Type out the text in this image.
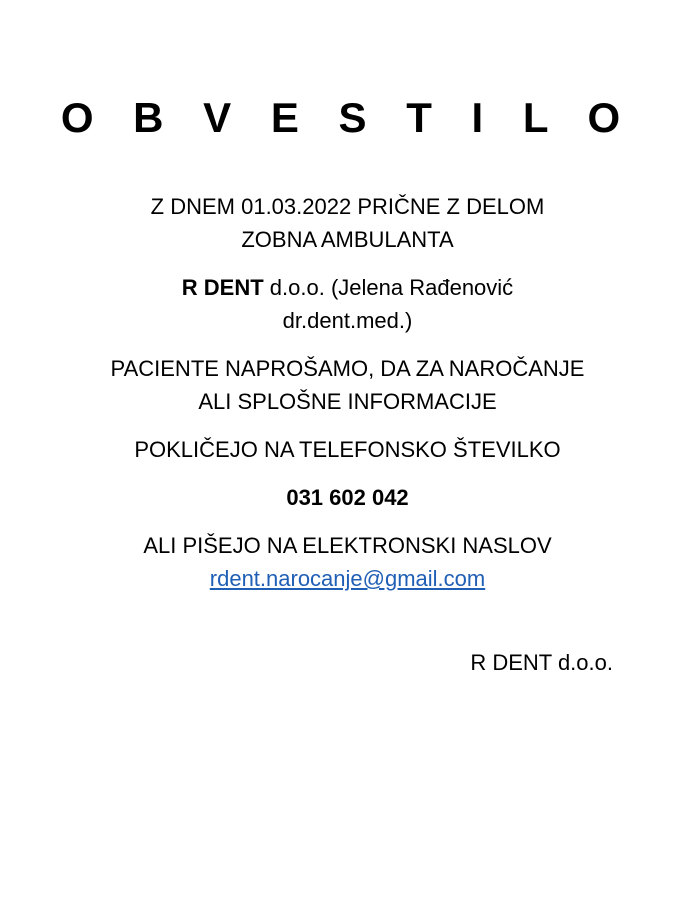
O B V E S T I L O

Z DNEM 01.03.2022 PRIČNE Z DELOM
ZOBNA AMBULANTA

R DENT d.o.o. (Jelena Rađenović
dr.dent.med.)

PACIENTE NAPROŠAMO, DA ZA NAROČANJE
ALI SPLOŠNE INFORMACIJE

POKLIČEJO NA TELEFONSKO ŠTEVILKO

031 602 042

ALI PIŠEJO NA ELEKTRONSKI NASLOV
rdent.narocanje@gmail.com

R DENT d.o.o.
